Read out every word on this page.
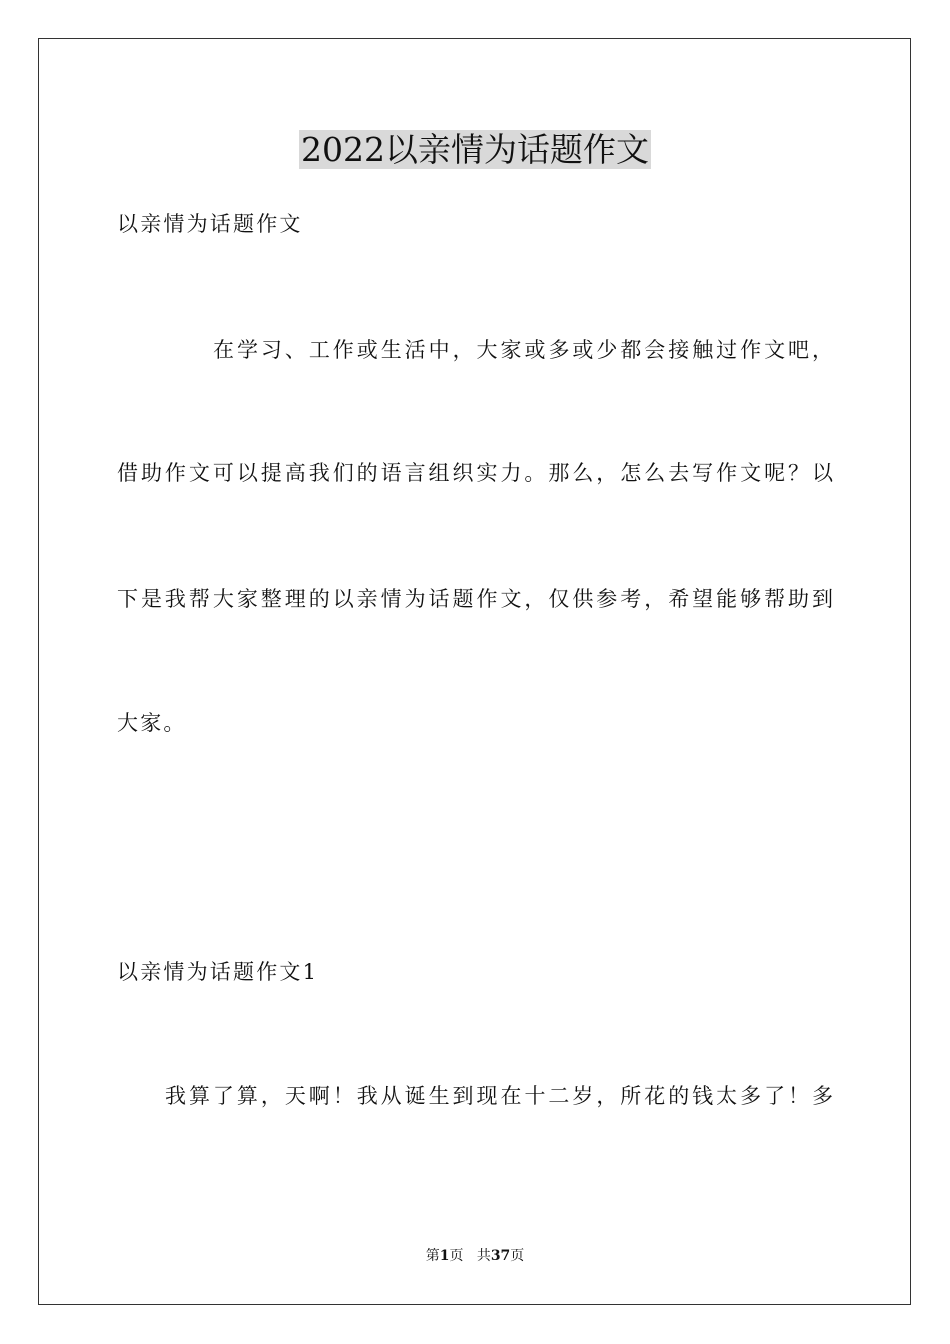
2022以亲情为话题作文

以亲情为话题作文

在学习、工作或生活中，大家或多或少都会接触过作文吧，

借助作文可以提高我们的语言组织实力。那么，怎么去写作文呢？以

下是我帮大家整理的以亲情为话题作文，仅供参考，希望能够帮助到

大家。

以亲情为话题作文1

我算了算，天啊！我从诞生到现在十二岁，所花的钱太多了！多

第1页 共37页
